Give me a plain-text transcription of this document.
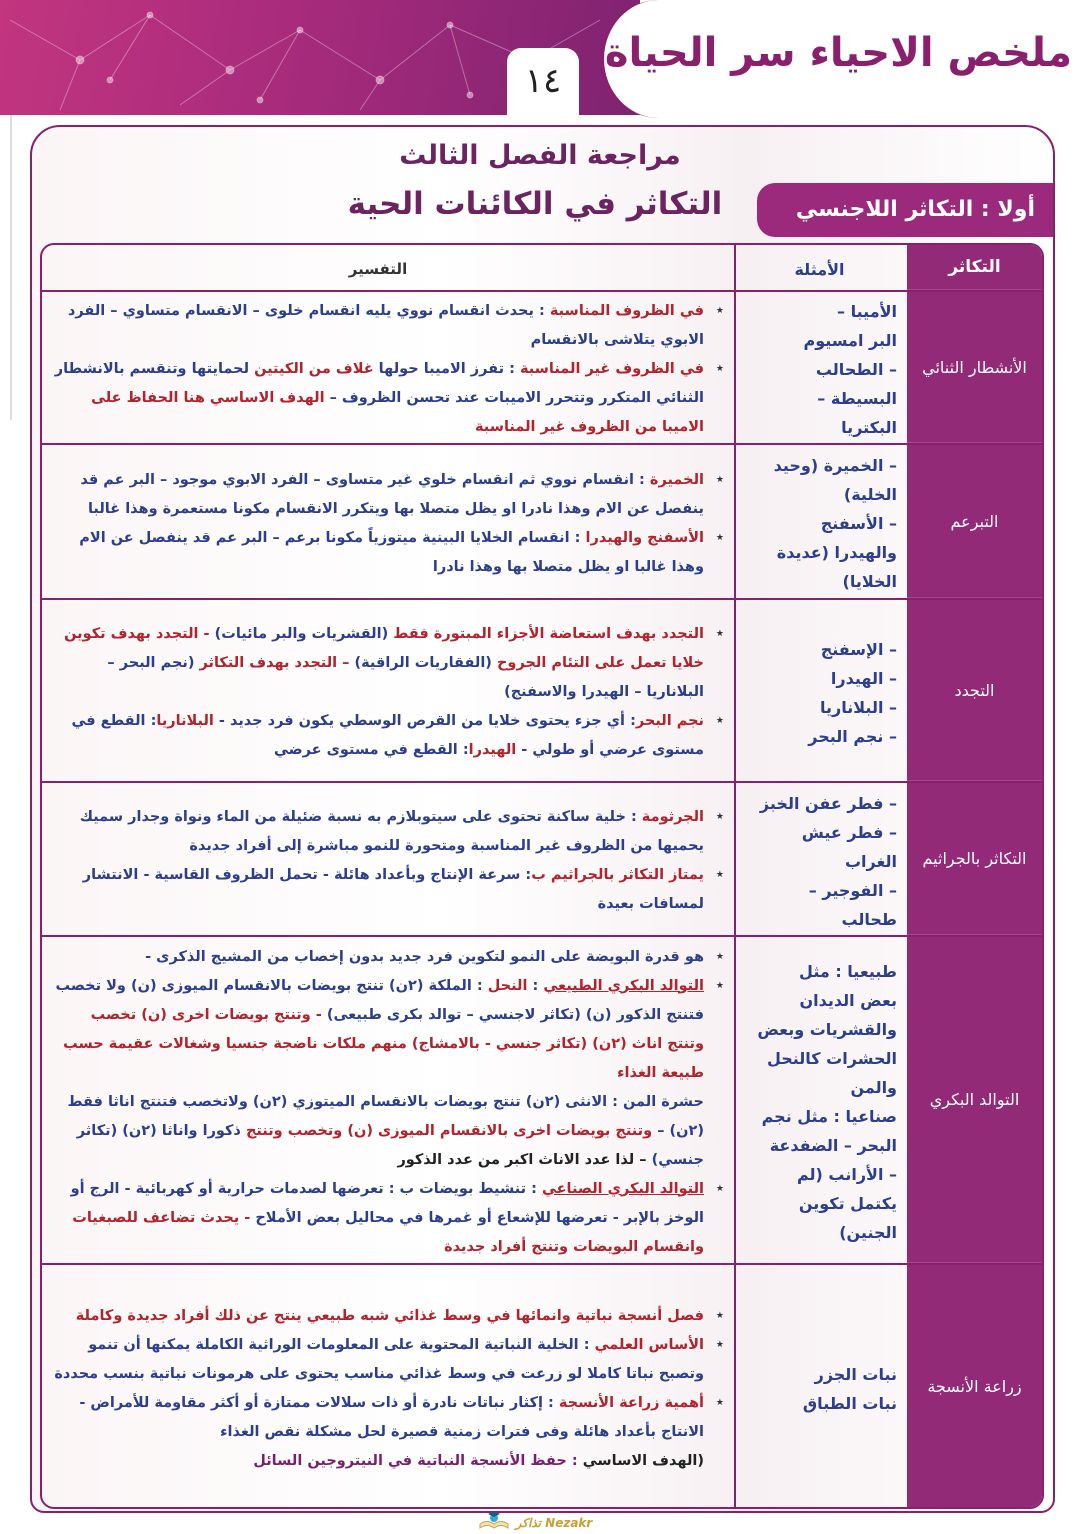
ملخص الاحياء سر الحياة
١٤
مراجعة الفصل الثالث
التكاثر في الكائنات الحية	أولا : التكاثر اللاجنسي
التكاثر
الأمثلة
التفسير
الأنشطار الثنائي
الأميبا –
البر امسيوم
– الطحالب
البسيطة –
البكتريا
★ في الظروف المناسبة : يحدث انقسام نووي يليه انقسام خلوى – الانقسام متساوي – الفرد الابوي يتلاشى بالانقسام
★ في الظروف غير المناسبة : تفرز الاميبا حولها غلاف من الكيتين لحمايتها وتنقسم بالانشطار الثنائي المتكرر وتتحرر الاميبات عند تحسن الظروف – الهدف الاساسي هنا الحفاظ على الاميبا من الظروف غير المناسبة
التبرعم
– الخميرة (وحيد
الخلية)
– الأسفنج
والهيدرا (عديدة
الخلايا)
★ الخميرة : انقسام نووي ثم انقسام خلوي غير متساوى – الفرد الابوي موجود – البر عم قد ينفصل عن الام وهذا نادرا او يظل متصلا بها ويتكرر الانقسام مكونا مستعمرة وهذا غالبا
★ الأسفنج والهيدرا : انقسام الخلايا البينية ميتوزياً مكونا برعم – البر عم قد ينفصل عن الام وهذا غالبا او يظل متصلا بها وهذا نادرا
التجدد
– الإسفنج
– الهيدرا
– البلاناريا
– نجم البحر
★ التجدد بهدف استعاضة الأجزاء المبتورة فقط (القشريات والبر مائيات) - التجدد بهدف تكوين خلايا تعمل على التئام الجروح (الفقاريات الراقية) – التجدد بهدف التكاثر (نجم البحر – البلاناريا – الهيدرا والاسفنج)
★ نجم البحر: أي جزء يحتوى خلايا من القرص الوسطي يكون فرد جديد - البلاناريا: القطع في مستوى عرضي أو طولي - الهيدرا: القطع في مستوى عرضي
التكاثر بالجراثيم
– فطر عفن الخبز
– فطر عيش
الغراب
– الفوجير –
طحالب
★ الجرثومة : خلية ساكنة تحتوى على سيتوبلازم به نسبة ضئيلة من الماء ونواة وجدار سميك يحميها من الظروف غير المناسبة ومتحورة للنمو مباشرة إلى أفراد جديدة
★ يمتاز التكاثر بالجراثيم ب: سرعة الإنتاج وبأعداد هائلة - تحمل الظروف القاسية - الانتشار لمسافات بعيدة
التوالد البكري
طبيعيا : مثل
بعض الديدان
والقشريات وبعض
الحشرات كالنحل
والمن
صناعيا : مثل نجم
البحر – الضفدعة
– الأرانب (لم
يكتمل تكوين
الجنين)
★ هو قدرة البويضة على النمو لتكوين فرد جديد بدون إخصاب من المشيج الذكرى -
★ التوالد البكري الطبيعي : النحل : الملكة (٢ن) تنتج بويضات بالانقسام الميوزى (ن) ولا تخصب فتنتج الذكور (ن) (تكاثر لاجنسي – توالد بكرى طبيعى) - وتنتج بويضات اخرى (ن) تخصب وتنتج اناث (٢ن) (تكاثر جنسي - بالامشاج) منهم ملكات ناضجة جنسيا وشغالات عقيمة حسب طبيعة الغذاء
حشرة المن : الانثى (٢ن) تنتج بويضات بالانقسام الميتوزي (٢ن) ولاتخصب فتنتج اناثا فقط (٢ن) – وتنتج بويضات اخرى بالانقسام الميوزى (ن) وتخصب وتنتج ذكورا واناثا (٢ن) (تكاثر جنسي) – لذا عدد الاناث اكبر من عدد الذكور
★ التوالد البكري الصناعي : تنشيط بويضات ب : تعرضها لصدمات حرارية أو كهربائية - الرج أو الوخز بالإبر - تعرضها للإشعاع أو غمرها في محاليل بعض الأملاح - يحدث تضاعف للصبغيات وانقسام البويضات وتنتج أفراد جديدة
زراعة الأنسجة
نبات الجزر
نبات الطباق
★ فصل أنسجة نباتية وانمائها في وسط غذائي شبه طبيعي ينتج عن ذلك أفراد جديدة وكاملة
★ الأساس العلمي : الخلية النباتية المحتوية على المعلومات الوراثية الكاملة يمكنها أن تنمو وتصبح نباتا كاملا لو زرعت في وسط غذائي مناسب يحتوى على هرمونات نباتية بنسب محددة
★ أهمية زراعة الأنسجة : إكثار نباتات نادرة أو ذات سلالات ممتازة أو أكثر مقاومة للأمراض - الانتاج بأعداد هائلة وفى فترات زمنية قصيرة لحل مشكلة نقص الغذاء
(الهدف الاساسي : حفظ الأنسجة النباتية في النيتروجين السائل
Nezakr تذاكر
